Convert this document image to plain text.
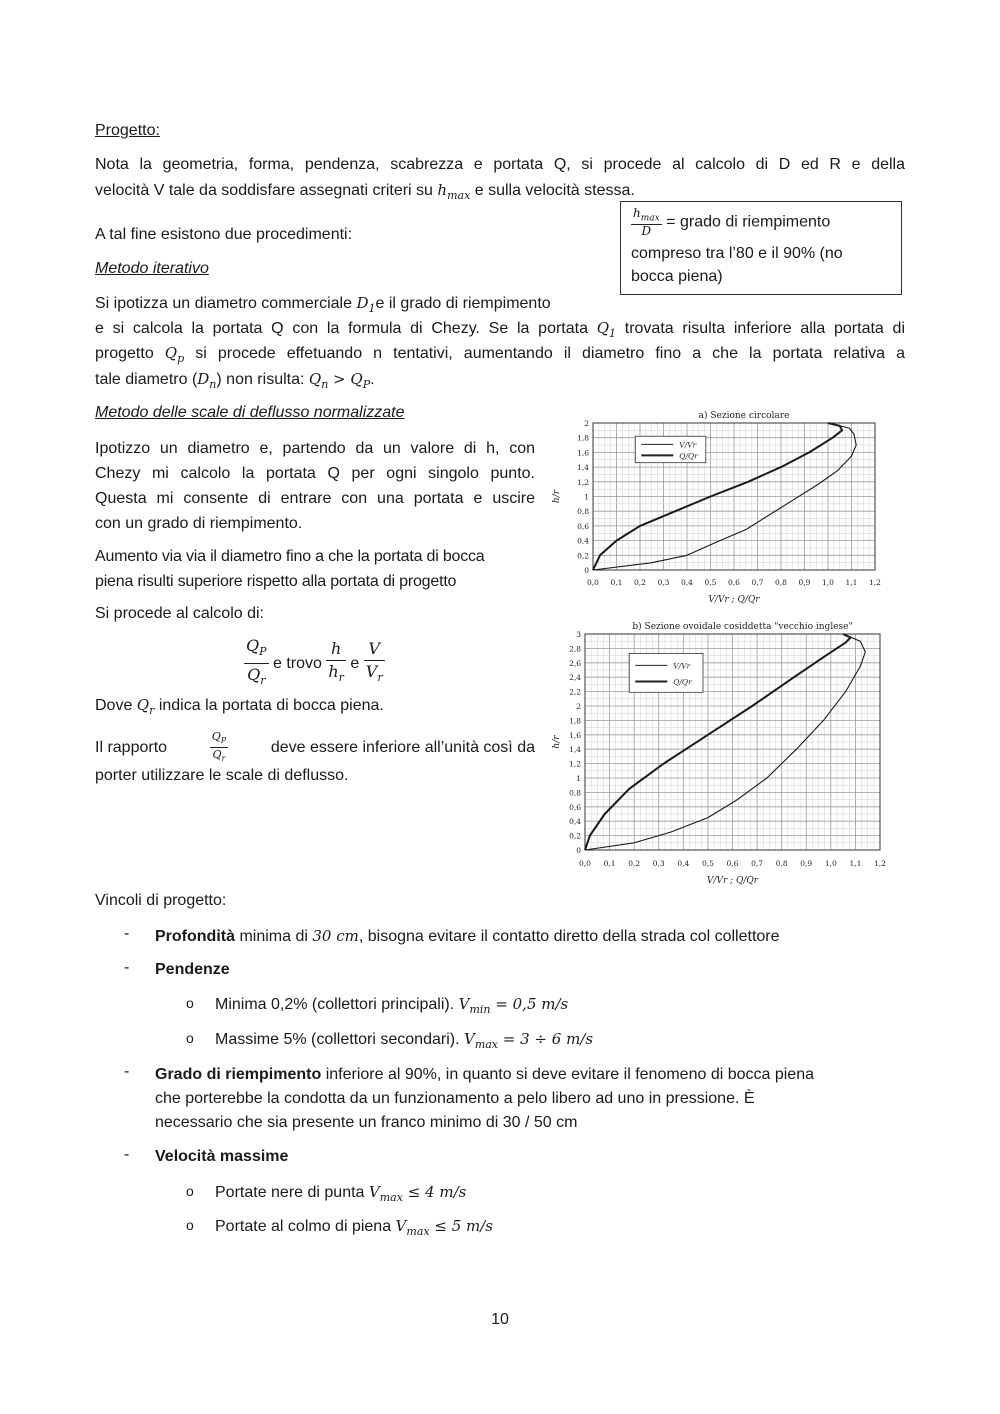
Progetto:
Nota la geometria, forma, pendenza, scabrezza e portata Q, si procede al calcolo di D ed R e della
velocità V tale da soddisfare assegnati criteri su $h_{max}$ e sulla velocità stessa.
$\frac{h_{max}}{D}$ = grado di riempimento
compreso tra l’80 e il 90% (no
bocca piena)
A tal fine esistono due procedimenti:
Metodo iterativo
Si ipotizza un diametro commerciale $D_1e$ il grado di riempimento
e si calcola la portata Q con la formula di Chezy. Se la portata $Q_1$ trovata risulta inferiore alla portata di
progetto $Q_p$ si procede effetuando n tentativi, aumentando il diametro fino a che la portata relativa a
tale diametro $(D_n)$ non risulta: $Q_n > Q_P$.
Metodo delle scale di deflusso normalizzate
Ipotizzo un diametro e, partendo da un valore di h, con
Chezy mi calcolo la portata Q per ogni singolo punto.
Questa mi consente di entrare con una portata e uscire
con un grado di riempimento.
Aumento via via il diametro fino a che la portata di bocca
piena risulti superiore rispetto alla portata di progetto
Si procede al calcolo di:
$\frac{Q_P}{Q_r}$ e trovo $\frac{h}{h_r}$ e $\frac{V}{V_r}$
Dove $Q_r$ indica la portata di bocca piena.
Il rapporto	$\frac{Q_P}{Q_r}$	deve essere inferiore all’unità così da
porter utilizzare le scale di deflusso.
a) Sezione circolare
0,0 0,1 0,2 0,3 0,4 0,5 0,6 0,7 0,8 0,9 1,0 1,1 1,2
0
0,2
0,4
0,6
0,8
1
1,2
1,4
1,6
1,8
2
V/Vr ; Q/Qr
h/r
V/Vr
Q/Qr
b) Sezione ovoidale cosiddetta "vecchio inglese"
0,0 0,1 0,2 0,3 0,4 0,5 0,6 0,7 0,8 0,9 1,0 1,1 1,2
0
0,2
0,4
0,6
0,8
1
1,2
1,4
1,6
1,8
2
2,2
2,4
2,6
2,8
3
V/Vr ; Q/Qr
h/r
V/Vr
Q/Qr
Vincoli di progetto:
- Profondità minima di 30 cm, bisogna evitare il contatto diretto della strada col collettore
- Pendenze
o Minima 0,2% (collettori principali). $V_{min} = 0,5$ m/s
o Massime 5% (collettori secondari). $V_{max} = 3 \div 6$ m/s
- Grado di riempimento inferiore al 90%, in quanto si deve evitare il fenomeno di bocca piena
che porterebbe la condotta da un funzionamento a pelo libero ad uno in pressione. È
necessario che sia presente un franco minimo di 30 / 50 cm
- Velocità massime
o Portate nere di punta $V_{max} \le 4$ m/s
o Portate al colmo di piena $V_{max} \le 5$ m/s
10
